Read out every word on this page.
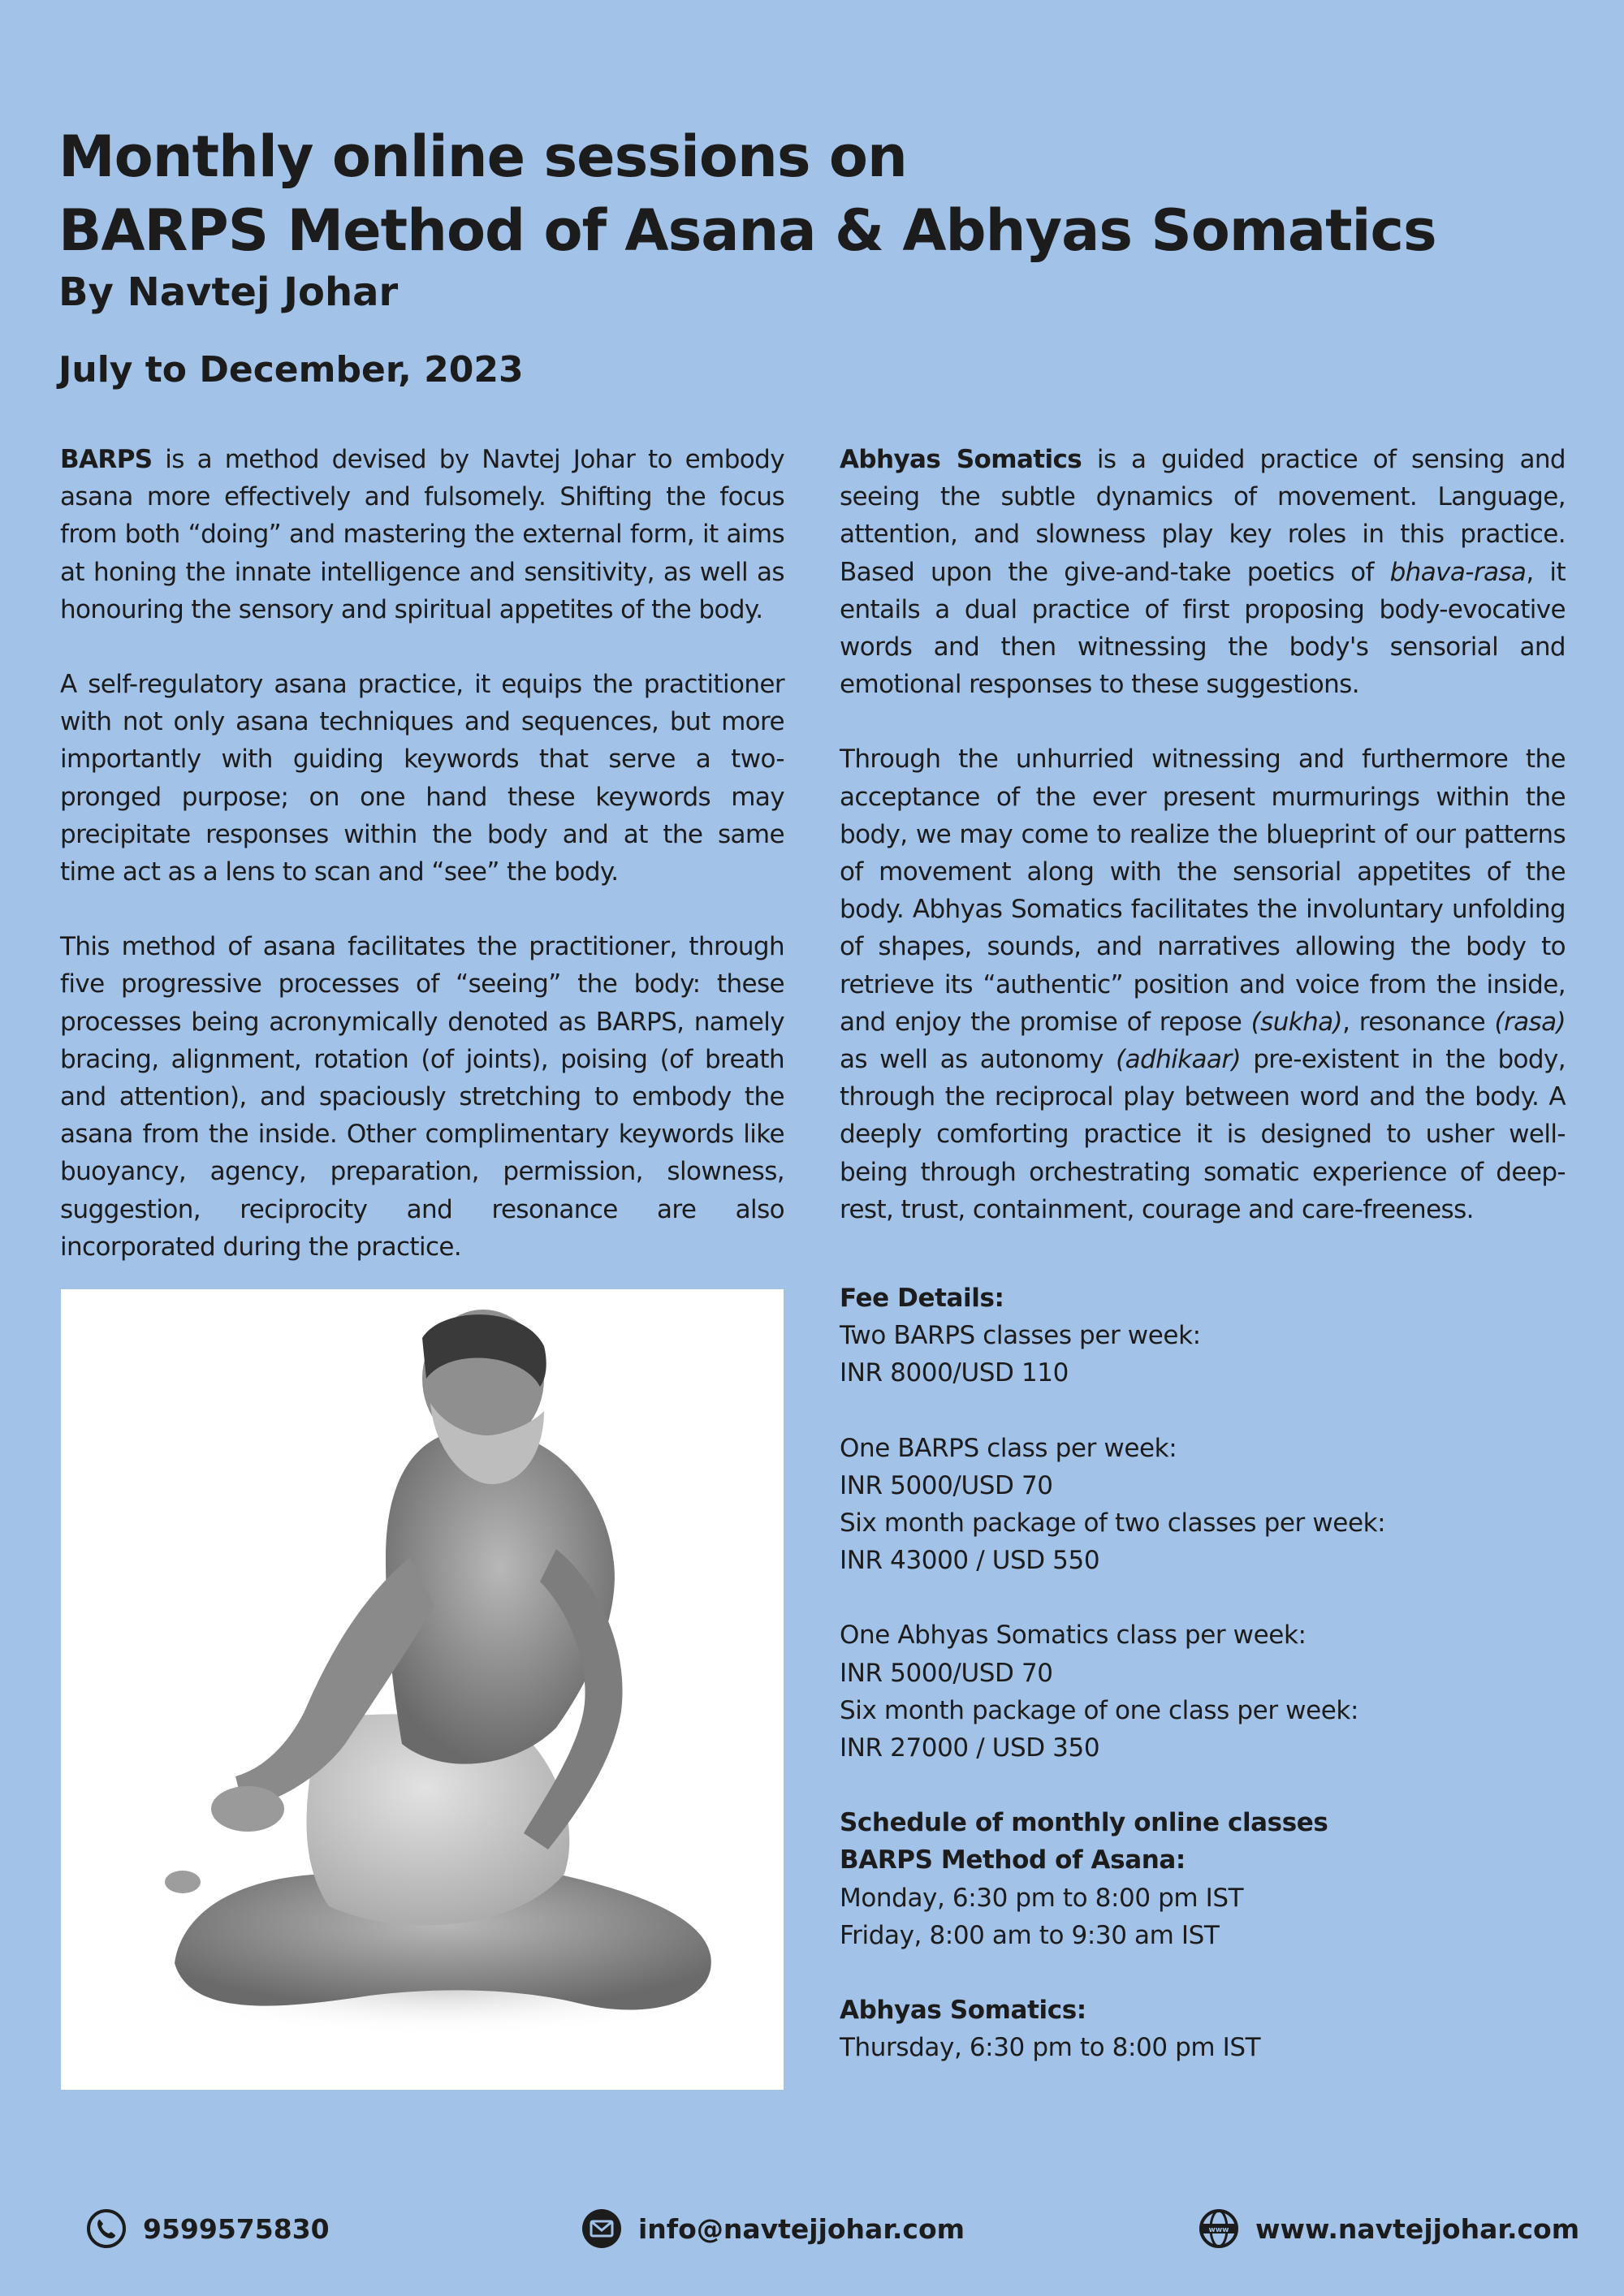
Monthly online sessions on
BARPS Method of Asana & Abhyas Somatics
By Navtej Johar
July to December, 2023

BARPS is a method devised by Navtej Johar to embody asana more effectively and fulsomely. Shifting the focus from both “doing” and mastering the external form, it aims at honing the innate intelligence and sensitivity, as well as honouring the sensory and spiritual appetites of the body.

A self-regulatory asana practice, it equips the practitioner with not only asana techniques and sequences, but more importantly with guiding keywords that serve a two-pronged purpose; on one hand these keywords may precipitate responses within the body and at the same time act as a lens to scan and “see” the body.

This method of asana facilitates the practitioner, through five progressive processes of “seeing” the body: these processes being acronymically denoted as BARPS, namely bracing, alignment, rotation (of joints), poising (of breath and attention), and spaciously stretching to embody the asana from the inside. Other complimentary keywords like buoyancy, agency, preparation, permission, slowness, suggestion, reciprocity and resonance are also incorporated during the practice.

Abhyas Somatics is a guided practice of sensing and seeing the subtle dynamics of movement. Language, attention, and slowness play key roles in this practice. Based upon the give-and-take poetics of bhava-rasa, it entails a dual practice of first proposing body-evocative words and then witnessing the body's sensorial and emotional responses to these suggestions.

Through the unhurried witnessing and furthermore the acceptance of the ever present murmurings within the body, we may come to realize the blueprint of our patterns of movement along with the sensorial appetites of the body. Abhyas Somatics facilitates the involuntary unfolding of shapes, sounds, and narratives allowing the body to retrieve its “authentic” position and voice from the inside, and enjoy the promise of repose (sukha), resonance (rasa) as well as autonomy (adhikaar) pre-existent in the body, through the reciprocal play between word and the body. A deeply comforting practice it is designed to usher well-being through orchestrating somatic experience of deep-rest, trust, containment, courage and care-freeness.

Fee Details:
Two BARPS classes per week:
INR 8000/USD 110
One BARPS class per week:
INR 5000/USD 70
Six month package of two classes per week:
INR 43000 / USD 550
One Abhyas Somatics class per week:
INR 5000/USD 70
Six month package of one class per week:
INR 27000 / USD 350
Schedule of monthly online classes
BARPS Method of Asana:
Monday, 6:30 pm to 8:00 pm IST
Friday, 8:00 am to 9:30 am IST
Abhyas Somatics:
Thursday, 6:30 pm to 8:00 pm IST
9599575830	info@navtejjohar.com	www www.navtejjohar.com
